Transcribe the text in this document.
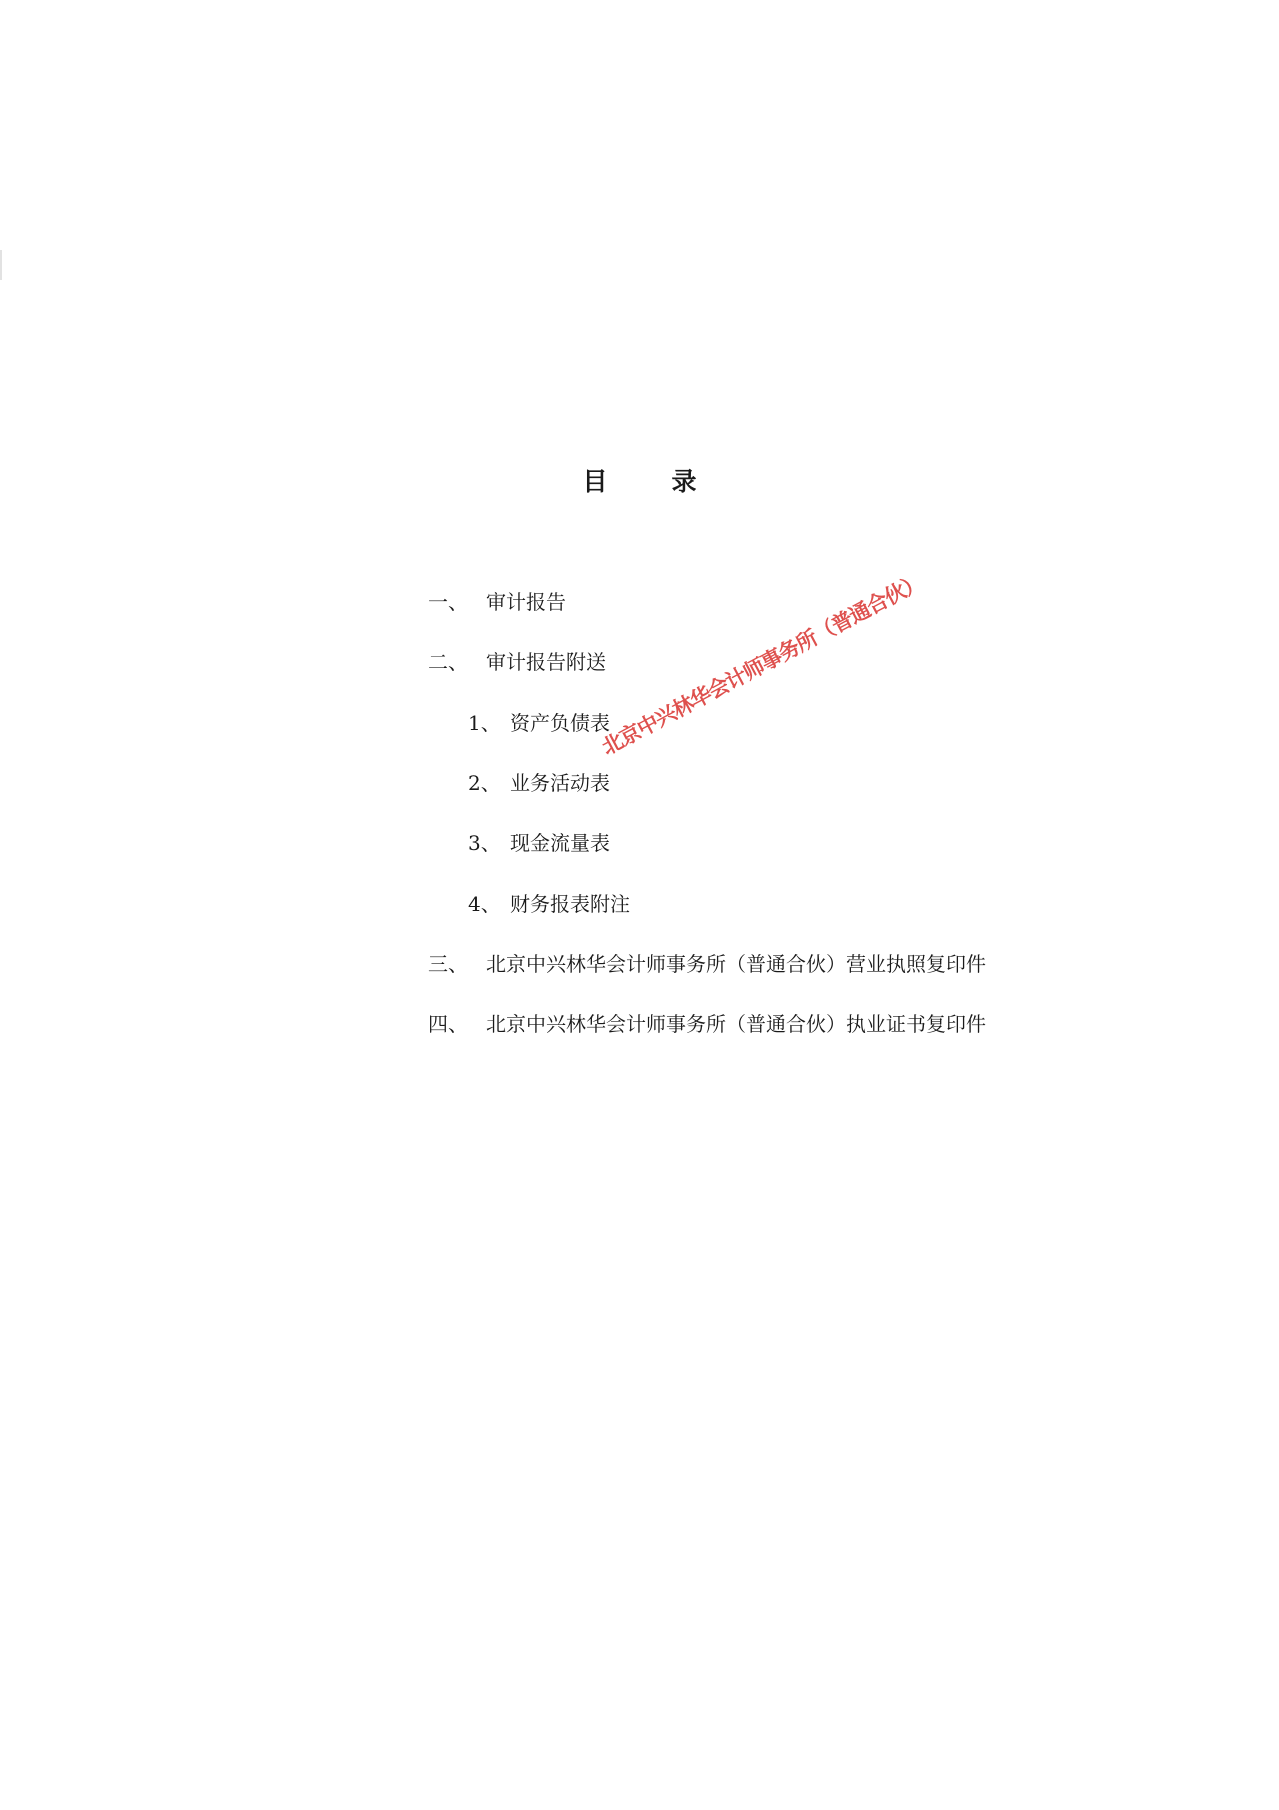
目	录
一、 审计报告
二、 审计报告附送
1、 资产负债表
2、 业务活动表
3、 现金流量表
4、 财务报表附注
三、 北京中兴林华会计师事务所（普通合伙）营业执照复印件
四、 北京中兴林华会计师事务所（普通合伙）执业证书复印件
北京中兴林华会计师事务所（普通合伙）
